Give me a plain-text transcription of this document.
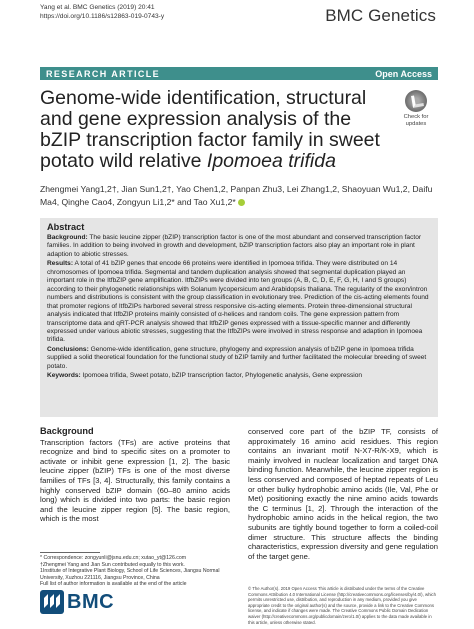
Yang et al. BMC Genetics (2019) 20:41
https://doi.org/10.1186/s12863-019-0743-y	BMC Genetics
RESEARCH ARTICLE	Open Access
Genome-wide identification, structural and gene expression analysis of the bZIP transcription factor family in sweet potato wild relative Ipomoea trifida
Check for
updates
Zhengmei Yang1,2†, Jian Sun1,2†, Yao Chen1,2, Panpan Zhu3, Lei Zhang1,2, Shaoyuan Wu1,2, Daifu Ma4, Qinghe Cao4, Zongyun Li1,2* and Tao Xu1,2*
Abstract

Background: The basic leucine zipper (bZIP) transcription factor is one of the most abundant and conserved transcription factor families. In addition to being involved in growth and development, bZIP transcription factors also play an important role in plant adaption to abiotic stresses.

Results: A total of 41 bZIP genes that encode 66 proteins were identified in Ipomoea trifida. They were distributed on 14 chromosomes of Ipomoea trifida. Segmental and tandem duplication analysis showed that segmental duplication played an important role in the ItfbZIP gene amplification. ItfbZIPs were divided into ten groups (A, B, C, D, E, F, G, H, I and S groups) according to their phylogenetic relationships with Solanum lycopersicum and Arabidopsis thaliana. The regularity of the exon/intron numbers and distributions is consistent with the group classification in evolutionary tree. Prediction of the cis-acting elements found that promoter regions of ItfbZIPs harbored several stress responsive cis-acting elements. Protein three-dimensional structural analysis indicated that ItfbZIP proteins mainly consisted of α-helices and random coils. The gene expression pattern from transcriptome data and qRT-PCR analysis showed that ItfbZIP genes expressed with a tissue-specific manner and differently expressed under various abiotic stresses, suggesting that the ItfbZIPs were involved in stress response and adaption in Ipomoea trifida.

Conclusions: Genome-wide identification, gene structure, phylogeny and expression analysis of bZIP gene in Ipomoea trifida supplied a solid theoretical foundation for the functional study of bZIP family and further facilitated the molecular breeding of sweet potato.

Keywords: Ipomoea trifida, Sweet potato, bZIP transcription factor, Phylogenetic analysis, Gene expression

Background

Transcription factors (TFs) are active proteins that recognize and bind to specific sites on a promoter to activate or inhibit gene expression [1, 2]. The basic leucine zipper (bZIP) TFs is one of the most diverse families of TFs [3, 4]. Structurally, this family contains a highly conserved bZIP domain (60–80 amino acids long) which is divided into two parts: the basic region and the leucine zipper region [5]. The basic region, which is the most

conserved core part of the bZIP TF, consists of approximately 16 amino acid residues. This region contains an invariant motif N-X7-R/K-X9, which is mainly involved in nuclear localization and target DNA binding function. Meanwhile, the leucine zipper region is less conserved and composed of heptad repeats of Leu or other bulky hydrophobic amino acids (Ile, Val, Phe or Met) positioning exactly the nine amino acids towards the C terminus [1, 2]. Through the interaction of the hydrophobic amino acids in the helical region, the two subunits are tightly bound together to form a coiled-coil dimer structure. This structure affects the binding characteristics, expression diversity and gene regulation of the target gene.

* Correspondence: zongyunli@jsnu.edu.cn; xutao_yt@126.com
†Zhengmei Yang and Jian Sun contributed equally to this work.
1Institute of Integrative Plant Biology, School of Life Sciences, Jiangsu Normal University, Xuzhou 221116, Jiangsu Province, China
Full list of author information is available at the end of the article
BMC
© The Author(s). 2019 Open Access This article is distributed under the terms of the Creative Commons Attribution 4.0 International License (http://creativecommons.org/licenses/by/4.0/), which permits unrestricted use, distribution, and reproduction in any medium, provided you give appropriate credit to the original author(s) and the source, provide a link to the Creative Commons license, and indicate if changes were made. The Creative Commons Public Domain Dedication waiver (http://creativecommons.org/publicdomain/zero/1.0/) applies to the data made available in this article, unless otherwise stated.
